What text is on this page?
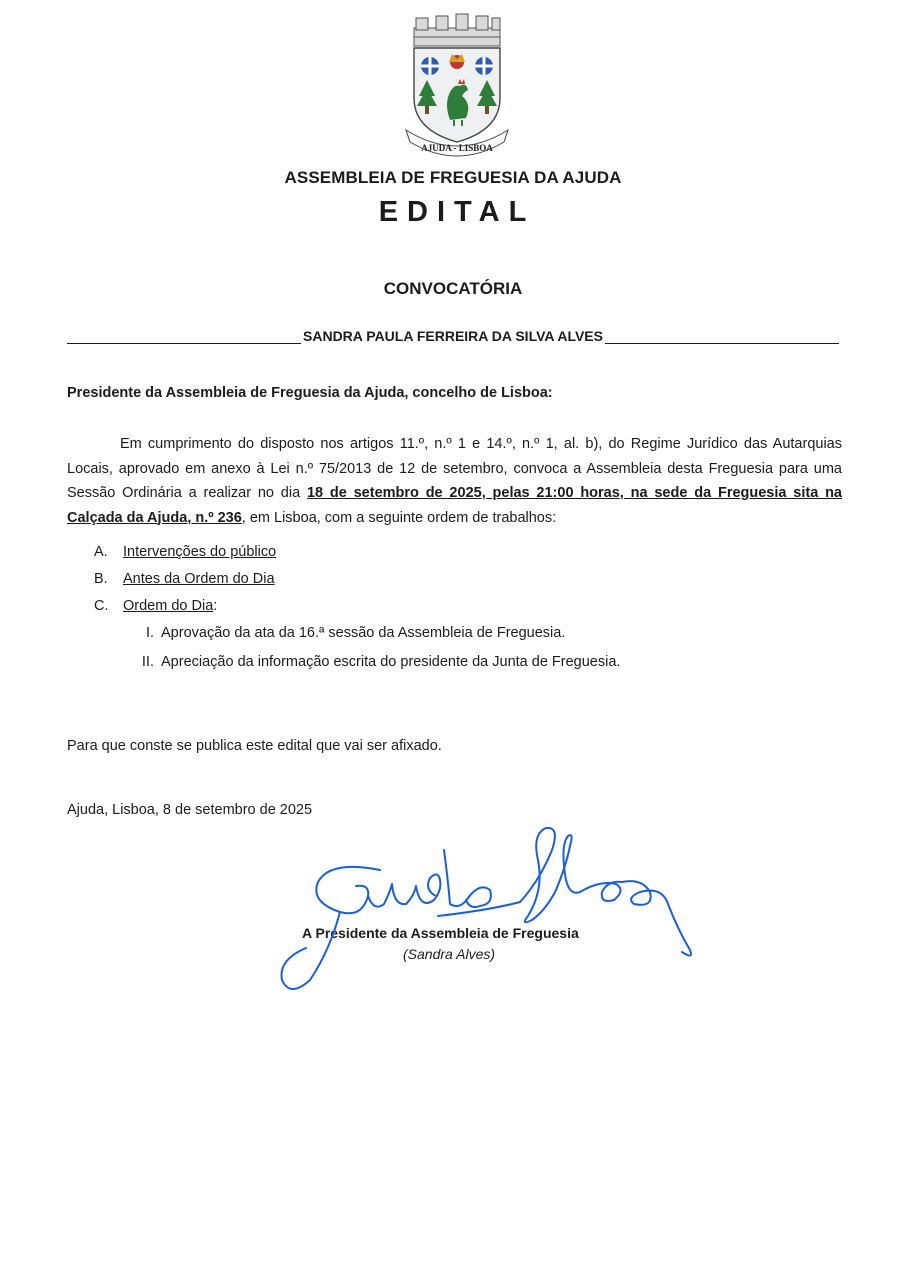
AJUDA - LISBOA
ASSEMBLEIA DE FREGUESIA DA AJUDA
EDITAL
CONVOCATÓRIA
SANDRA PAULA FERREIRA DA SILVA ALVES
Presidente da Assembleia de Freguesia da Ajuda, concelho de Lisboa:
Em cumprimento do disposto nos artigos 11.º, n.º 1 e 14.º, n.º 1, al. b), do Regime Jurídico das Autarquias Locais, aprovado em anexo à Lei n.º 75/2013 de 12 de setembro, convoca a Assembleia desta Freguesia para uma Sessão Ordinária a realizar no dia 18 de setembro de 2025, pelas 21:00 horas, na sede da Freguesia sita na Calçada da Ajuda, n.º 236, em Lisboa, com a seguinte ordem de trabalhos:
A. Intervenções do público
B. Antes da Ordem do Dia
C. Ordem do Dia:
I. Aprovação da ata da 16.ª sessão da Assembleia de Freguesia.
II. Apreciação da informação escrita do presidente da Junta de Freguesia.
Para que conste se publica este edital que vai ser afixado.
Ajuda, Lisboa, 8 de setembro de 2025
A Presidente da Assembleia de Freguesia
(Sandra Alves)
